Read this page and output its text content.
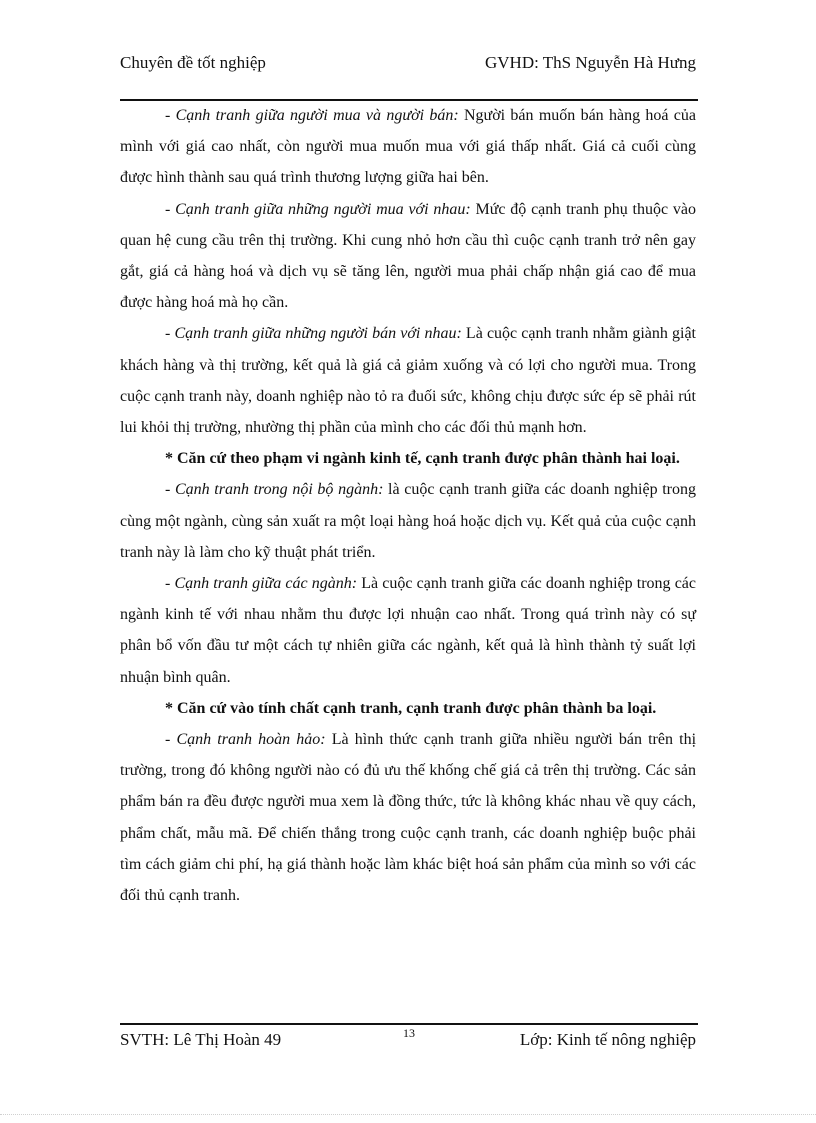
Chuyên đề tốt nghiệp	GVHD: ThS Nguyễn Hà Hưng

- Cạnh tranh giữa người mua và người bán: Người bán muốn bán hàng hoá của mình với giá cao nhất, còn người mua muốn mua với giá thấp nhất. Giá cả cuối cùng được hình thành sau quá trình thương lượng giữa hai bên.

- Cạnh tranh giữa những người mua với nhau: Mức độ cạnh tranh phụ thuộc vào quan hệ cung cầu trên thị trường. Khi cung nhỏ hơn cầu thì cuộc cạnh tranh trở nên gay gắt, giá cả hàng hoá và dịch vụ sẽ tăng lên, người mua phải chấp nhận giá cao để mua được hàng hoá mà họ cần.

- Cạnh tranh giữa những người bán với nhau: Là cuộc cạnh tranh nhằm giành giật khách hàng và thị trường, kết quả là giá cả giảm xuống và có lợi cho người mua. Trong cuộc cạnh tranh này, doanh nghiệp nào tỏ ra đuối sức, không chịu được sức ép sẽ phải rút lui khỏi thị trường, nhường thị phần của mình cho các đối thủ mạnh hơn.

* Căn cứ theo phạm vi ngành kinh tế, cạnh tranh được phân thành hai loại.

- Cạnh tranh trong nội bộ ngành: là cuộc cạnh tranh giữa các doanh nghiệp trong cùng một ngành, cùng sản xuất ra một loại hàng hoá hoặc dịch vụ. Kết quả của cuộc cạnh tranh này là làm cho kỹ thuật phát triển.

- Cạnh tranh giữa các ngành: Là cuộc cạnh tranh giữa các doanh nghiệp trong các ngành kinh tế với nhau nhằm thu được lợi nhuận cao nhất. Trong quá trình này có sự phân bổ vốn đầu tư một cách tự nhiên giữa các ngành, kết quả là hình thành tỷ suất lợi nhuận bình quân.

* Căn cứ vào tính chất cạnh tranh, cạnh tranh được phân thành ba loại.

- Cạnh tranh hoàn hảo: Là hình thức cạnh tranh giữa nhiều người bán trên thị trường, trong đó không người nào có đủ ưu thế khống chế giá cả trên thị trường. Các sản phẩm bán ra đều được người mua xem là đồng thức, tức là không khác nhau về quy cách, phẩm chất, mẫu mã. Để chiến thắng trong cuộc cạnh tranh, các doanh nghiệp buộc phải tìm cách giảm chi phí, hạ giá thành hoặc làm khác biệt hoá sản phẩm của mình so với các đối thủ cạnh tranh.

SVTH: Lê Thị Hoàn 49	13	Lớp: Kinh tế nông nghiệp
